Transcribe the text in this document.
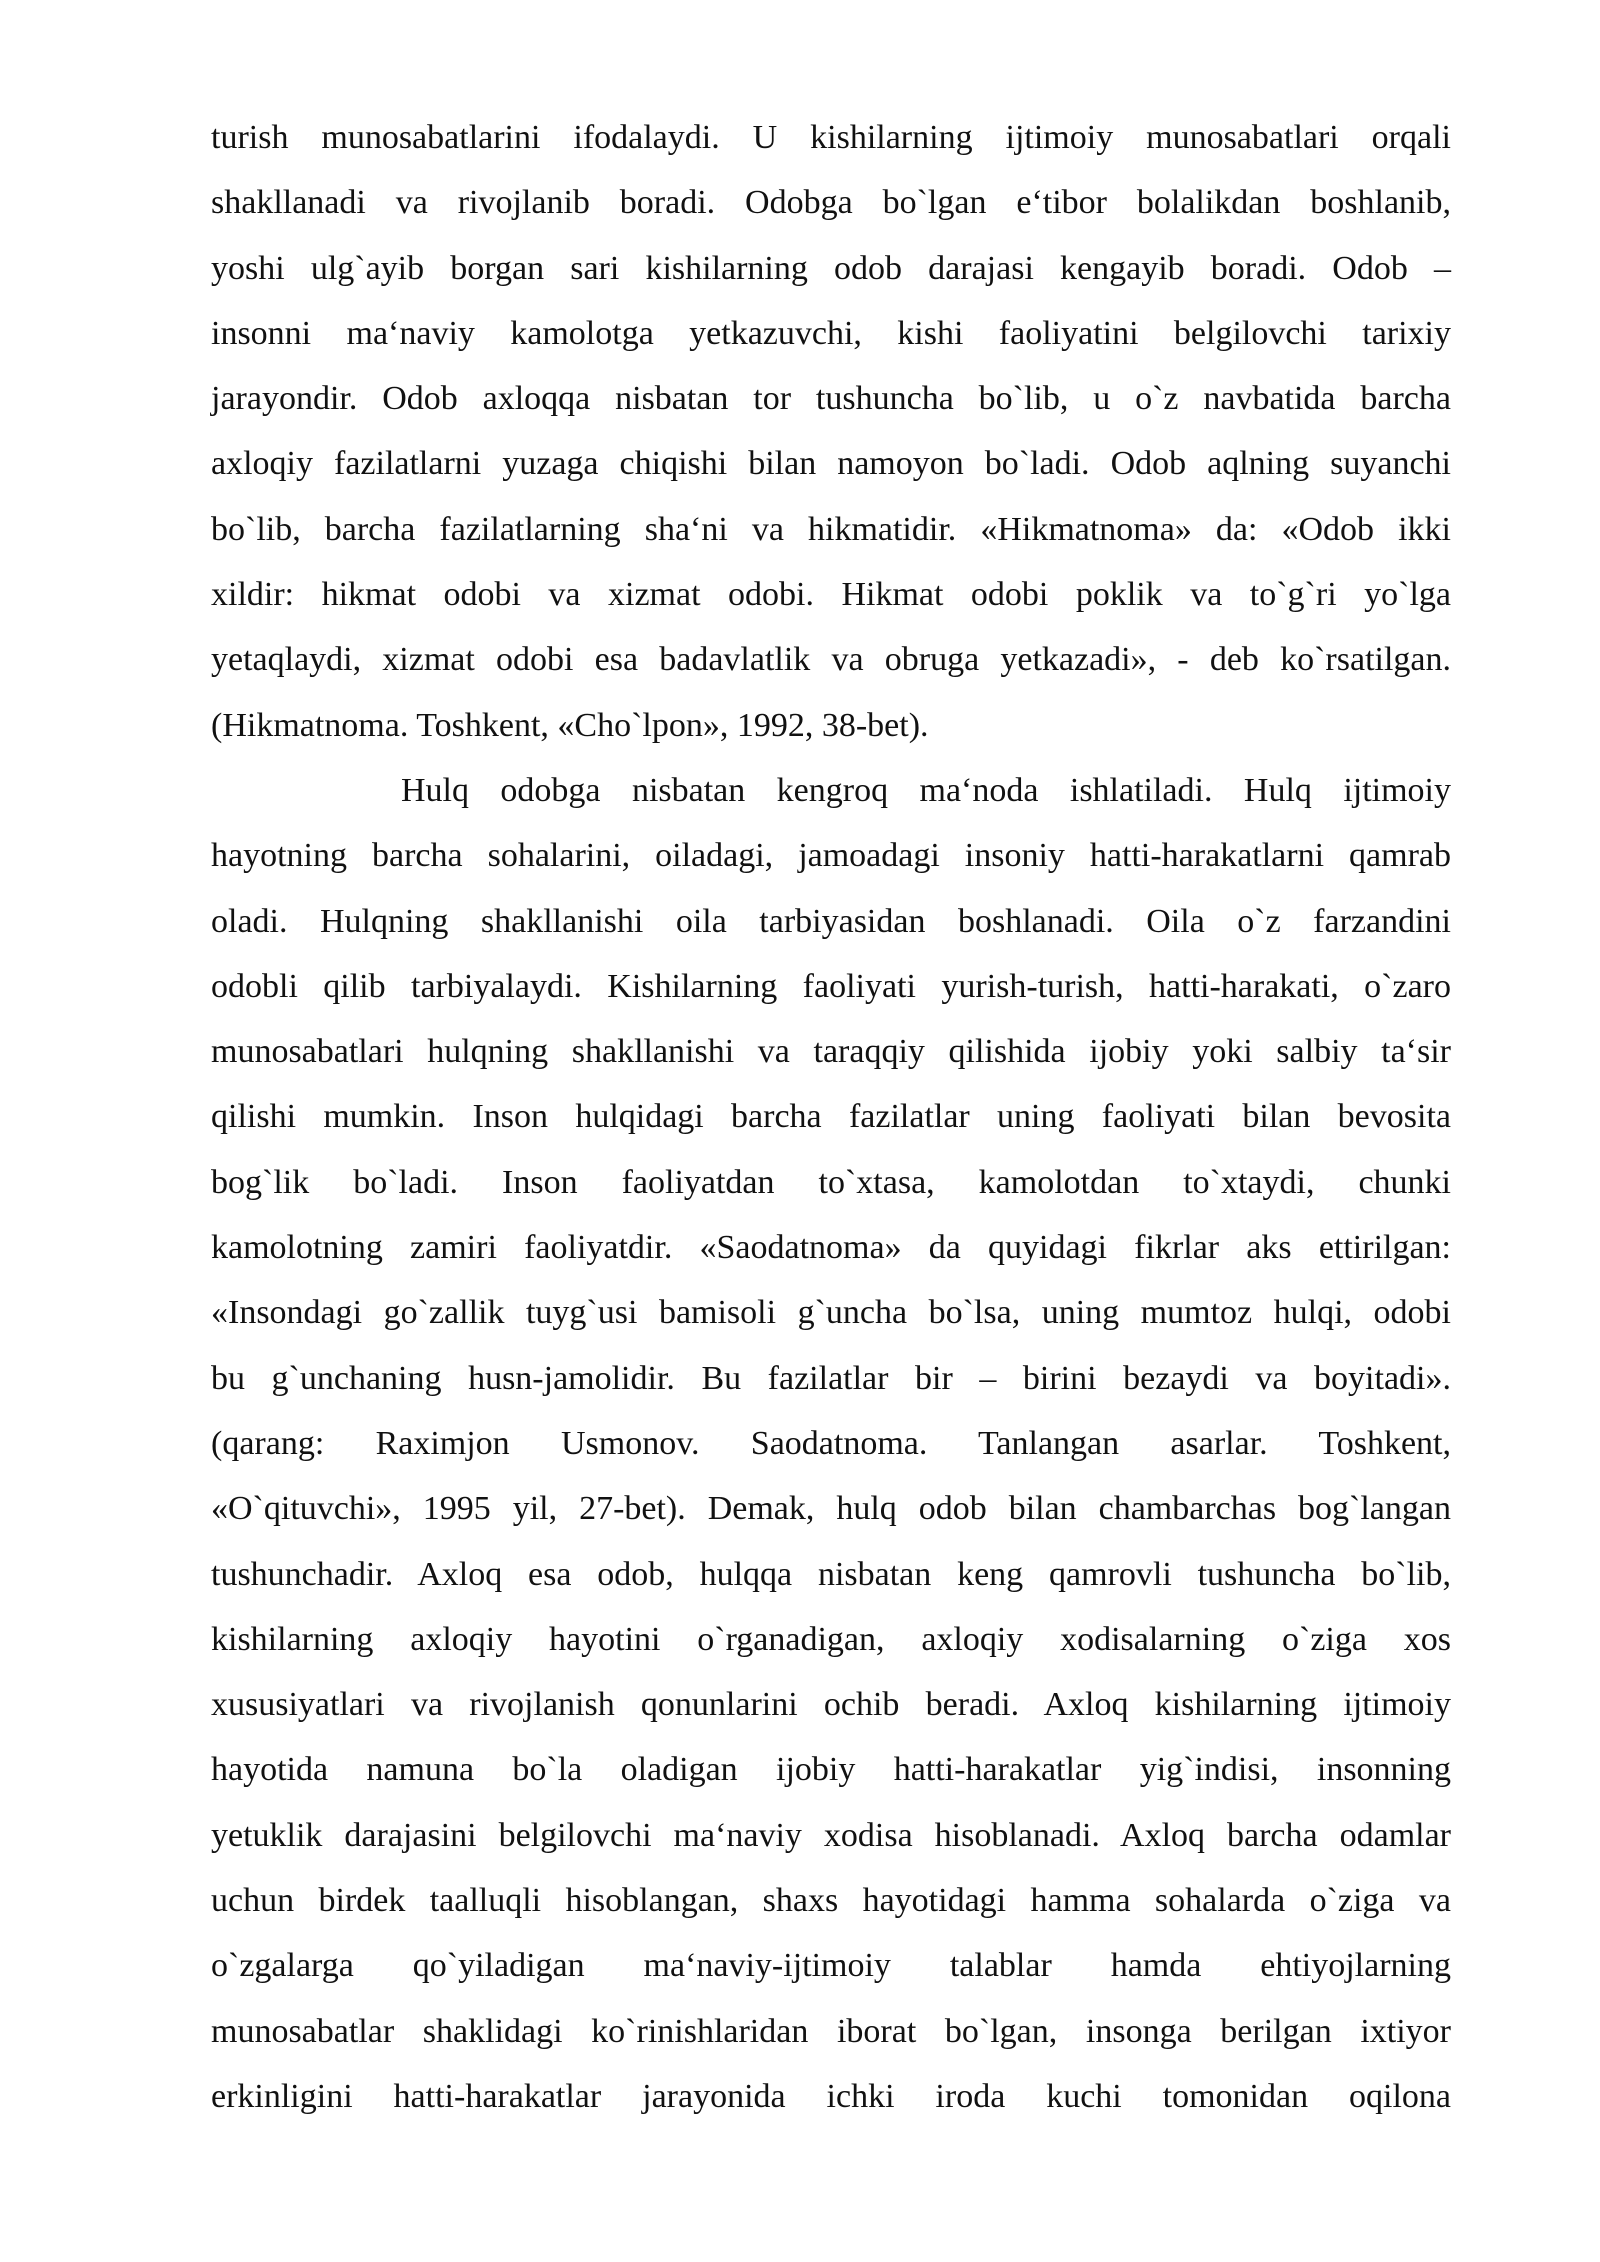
turish munosabatlarini ifodalaydi. U kishilarning ijtimoiy munosabatlari orqali
shakllanadi va rivojlanib boradi. Odobga bo`lgan e‘tibor bolalikdan boshlanib,
yoshi ulg`ayib borgan sari kishilarning odob darajasi kengayib boradi. Odob –
insonni ma‘naviy kamolotga yetkazuvchi, kishi faoliyatini belgilovchi tarixiy
jarayondir. Odob axloqqa nisbatan tor tushuncha bo`lib, u o`z navbatida barcha
axloqiy fazilatlarni yuzaga chiqishi bilan namoyon bo`ladi. Odob aqlning suyanchi
bo`lib, barcha fazilatlarning sha‘ni va hikmatidir. «Hikmatnoma» da: «Odob ikki
xildir: hikmat odobi va xizmat odobi. Hikmat odobi poklik va to`g`ri yo`lga
yetaqlaydi, xizmat odobi esa badavlatlik va obruga yetkazadi», - deb ko`rsatilgan.
(Hikmatnoma. Toshkent, «Cho`lpon», 1992, 38-bet).
Hulq odobga nisbatan kengroq ma‘noda ishlatiladi. Hulq ijtimoiy
hayotning barcha sohalarini, oiladagi, jamoadagi insoniy hatti-harakatlarni qamrab
oladi. Hulqning shakllanishi oila tarbiyasidan boshlanadi. Oila o`z farzandini
odobli qilib tarbiyalaydi. Kishilarning faoliyati yurish-turish, hatti-harakati, o`zaro
munosabatlari hulqning shakllanishi va taraqqiy qilishida ijobiy yoki salbiy ta‘sir
qilishi mumkin. Inson hulqidagi barcha fazilatlar uning faoliyati bilan bevosita
bog`lik bo`ladi. Inson faoliyatdan to`xtasa, kamolotdan to`xtaydi, chunki
kamolotning zamiri faoliyatdir. «Saodatnoma» da quyidagi fikrlar aks ettirilgan:
«Insondagi go`zallik tuyg`usi bamisoli g`uncha bo`lsa, uning mumtoz hulqi, odobi
bu g`unchaning husn-jamolidir. Bu fazilatlar bir – birini bezaydi va boyitadi».
(qarang: Raximjon Usmonov. Saodatnoma. Tanlangan asarlar. Toshkent,
«O`qituvchi», 1995 yil, 27-bet). Demak, hulq odob bilan chambarchas bog`langan
tushunchadir. Axloq esa odob, hulqqa nisbatan keng qamrovli tushuncha bo`lib,
kishilarning axloqiy hayotini o`rganadigan, axloqiy xodisalarning o`ziga xos
xususiyatlari va rivojlanish qonunlarini ochib beradi. Axloq kishilarning ijtimoiy
hayotida namuna bo`la oladigan ijobiy hatti-harakatlar yig`indisi, insonning
yetuklik darajasini belgilovchi ma‘naviy xodisa hisoblanadi. Axloq barcha odamlar
uchun birdek taalluqli hisoblangan, shaxs hayotidagi hamma sohalarda o`ziga va
o`zgalarga qo`yiladigan ma‘naviy-ijtimoiy talablar hamda ehtiyojlarning
munosabatlar shaklidagi ko`rinishlaridan iborat bo`lgan, insonga berilgan ixtiyor
erkinligini hatti-harakatlar jarayonida ichki iroda kuchi tomonidan oqilona
